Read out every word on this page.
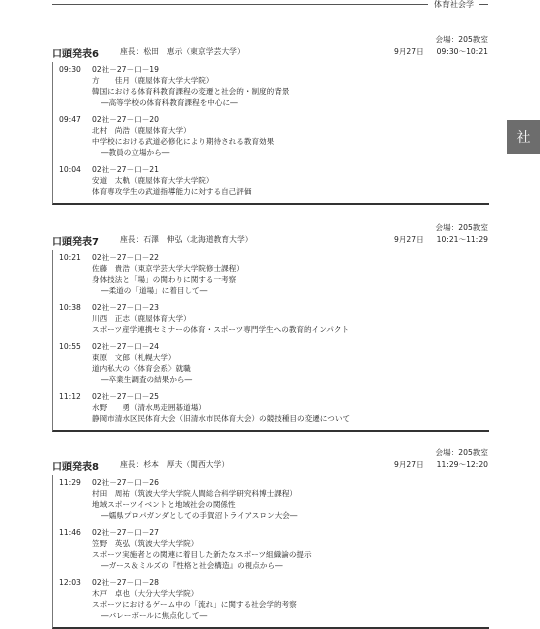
体育社会学
社
会場：205教室
口頭発表6	座長：松田　恵示（東京学芸大学）	9月27日 09:30〜10:21
09:30 02社－27－口－19
方　　佳月（鹿屋体育大学大学院）
韓国における体育科教育課程の変遷と社会的・制度的背景
―高等学校の体育科教育課程を中心に―
09:47 02社－27－口－20
北村　尚浩（鹿屋体育大学）
中学校における武道必修化により期待される教育効果
―教員の立場から―
10:04 02社－27－口－21
安道　太軌（鹿屋体育大学大学院）
体育専攻学生の武道指導能力に対する自己評価
会場：205教室
口頭発表7	座長：石澤　伸弘（北海道教育大学）	9月27日 10:21〜11:29
10:21 02社－27－口－22
佐藤　貴浩（東京学芸大学大学院修士課程）
身体技法と「場」の関わりに関する一考察
―柔道の「道場」に着目して―
10:38 02社－27－口－23
川西　正志（鹿屋体育大学）
スポーツ産学連携セミナーの体育・スポーツ専門学生への教育的インパクト
10:55 02社－27－口－24
東原　文郎（札幌大学）
道内私大の〈体育会系〉就職
―卒業生調査の結果から―
11:12 02社－27－口－25
水野　　勇（清水馬走囲碁道場）
静岡市清水区民体育大会（旧清水市民体育大会）の競技種目の変遷について
会場：205教室
口頭発表8	座長：杉本　厚夫（関西大学）	9月27日 11:29〜12:20
11:29 02社－27－口－26
村田　周祐（筑波大学大学院人間総合科学研究科博士課程）
地域スポーツイベントと地域社会の関係性
―嬬県プロパガンダとしての手賀沼トライアスロン大会―
11:46 02社－27－口－27
笠野　英弘（筑波大学大学院）
スポーツ実施者との関連に着目した新たなスポーツ組織論の提示
―ガース＆ミルズの『性格と社会構造』の視点から―
12:03 02社－27－口－28
木戸　卓也（大分大学大学院）
スポーツにおけるゲーム中の「流れ」に関する社会学的考察
―バレーボールに焦点化して―
